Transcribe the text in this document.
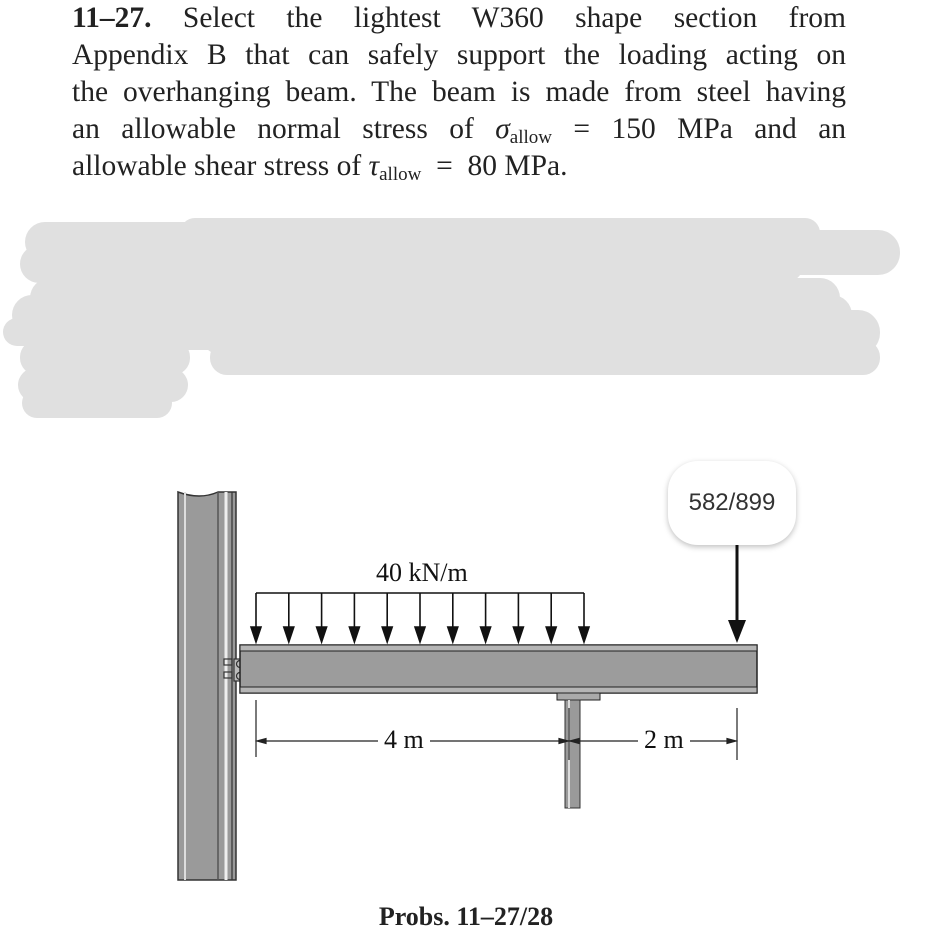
11–27. Select the lightest W360 shape section from
Appendix B that can safely support the loading acting on
the overhanging beam. The beam is made from steel having
an allowable normal stress of $\sigma_{allow} = 150$ MPa and an
allowable shear stress of $\tau_{allow} = 80$ MPa.
40 kN/m
4 m	2 m
582/899
Probs. 11–27/28
